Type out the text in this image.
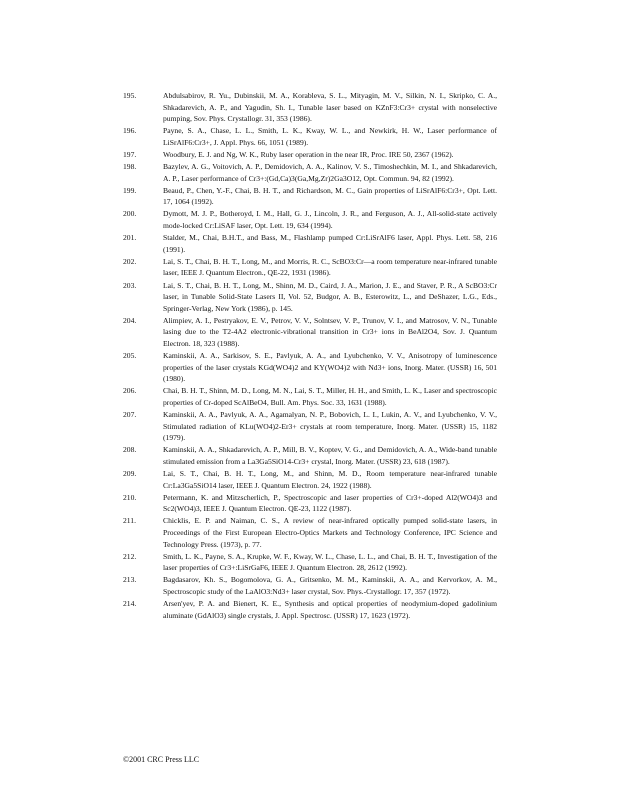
195.	Abdulsabirov, R. Yu., Dubinskii, M. A., Korableva, S. L., Mityagin, M. V., Silkin, N. I., Skripko, C. A., Shkadarevich, A. P., and Yagudin, Sh. I., Tunable laser based on KZnF3:Cr3+ crystal with nonselective pumping, Sov. Phys. Crystallogr. 31, 353 (1986).
196.	Payne, S. A., Chase, L. L., Smith, L. K., Kway, W. L., and Newkirk, H. W., Laser performance of LiSrAlF6:Cr3+, J. Appl. Phys. 66, 1051 (1989).
197.	Woodbury, E. J. and Ng, W. K., Ruby laser operation in the near IR, Proc. IRE 50, 2367 (1962).
198.	Bazylev, A. G., Voitovich, A. P., Demidovich, A. A., Kalinov, V. S., Timoshechkin, M. I., and Shkadarevich, A. P., Laser performance of Cr3+:(Gd,Ca)3(Ga,Mg,Zr)2Ga3O12, Opt. Commun. 94, 82 (1992).
199.	Beaud, P., Chen, Y.-F., Chai, B. H. T., and Richardson, M. C., Gain properties of LiSrAlF6:Cr3+, Opt. Lett. 17, 1064 (1992).
200.	Dymott, M. J. P., Botheroyd, I. M., Hall, G. J., Lincoln, J. R., and Ferguson, A. J., All-solid-state actively mode-locked Cr:LiSAF laser, Opt. Lett. 19, 634 (1994).
201.	Stalder, M., Chai, B.H.T., and Bass, M., Flashlamp pumped Cr:LiSrAlF6 laser, Appl. Phys. Lett. 58, 216 (1991).
202.	Lai, S. T., Chai, B. H. T., Long, M., and Morris, R. C., ScBO3:Cr—a room temperature near-infrared tunable laser, IEEE J. Quantum Electron., QE-22, 1931 (1986).
203.	Lai, S. T., Chai, B. H. T., Long, M., Shinn, M. D., Caird, J. A., Marion, J. E., and Staver, P. R., A ScBO3:Cr laser, in Tunable Solid-State Lasers II, Vol. 52, Budgor, A. B., Esterowitz, L., and DeShazer, L.G., Eds., Springer-Verlag, New York (1986), p. 145.
204.	Alimpiev, A. I., Pestryakov, E. V., Petrov, V. V., Solntsev, V. P., Trunov, V. I., and Matrosov, V. N., Tunable lasing due to the T2-4A2 electronic-vibrational transition in Cr3+ ions in BeAl2O4, Sov. J. Quantum Electron. 18, 323 (1988).
205.	Kaminskii, A. A., Sarkisov, S. E., Pavlyuk, A. A., and Lyubchenko, V. V., Anisotropy of luminescence properties of the laser crystals KGd(WO4)2 and KY(WO4)2 with Nd3+ ions, Inorg. Mater. (USSR) 16, 501 (1980).
206.	Chai, B. H. T., Shinn, M. D., Long, M. N., Lai, S. T., Miller, H. H., and Smith, L. K., Laser and spectroscopic properties of Cr-doped ScAlBeO4, Bull. Am. Phys. Soc. 33, 1631 (1988).
207.	Kaminskii, A. A., Pavlyuk, A. A., Agamalyan, N. P., Bobovich, L. I., Lukin, A. V., and Lyubchenko, V. V., Stimulated radiation of KLu(WO4)2-Er3+ crystals at room temperature, Inorg. Mater. (USSR) 15, 1182 (1979).
208.	Kaminskii, A. A., Shkadarevich, A. P., Mill, B. V., Koptev, V. G., and Demidovich, A. A., Wide-band tunable stimulated emission from a La3Ga5SiO14-Cr3+ crystal, Inorg. Mater. (USSR) 23, 618 (1987).
209.	Lai, S. T., Chai, B. H. T., Long, M., and Shinn, M. D., Room temperature near-infrared tunable Cr:La3Ga5SiO14 laser, IEEE J. Quantum Electron. 24, 1922 (1988).
210.	Petermann, K. and Mitzscherlich, P., Spectroscopic and laser properties of Cr3+-doped Al2(WO4)3 and Sc2(WO4)3, IEEE J. Quantum Electron. QE-23, 1122 (1987).
211.	Chicklis, E. P. and Naiman, C. S., A review of near-infrared optically pumped solid-state lasers, in Proceedings of the First European Electro-Optics Markets and Technology Conference, IPC Science and Technology Press. (1973), p. 77.
212.	Smith, L. K., Payne, S. A., Krupke, W. F., Kway, W. L., Chase, L. L., and Chai, B. H. T., Investigation of the laser properties of Cr3+:LiSrGaF6, IEEE J. Quantum Electron. 28, 2612 (1992).
213.	Bagdasarov, Kh. S., Bogomolova, G. A., Gritsenko, M. M., Kaminskii, A. A., and Kervorkov, A. M., Spectroscopic study of the LaAlO3:Nd3+ laser crystal, Sov. Phys.-Crystallogr. 17, 357 (1972).
214.	Arsen'yev, P. A. and Bienert, K. E., Synthesis and optical properties of neodymium-doped gadolinium aluminate (GdAlO3) single crystals, J. Appl. Spectrosc. (USSR) 17, 1623 (1972).
©2001 CRC Press LLC
